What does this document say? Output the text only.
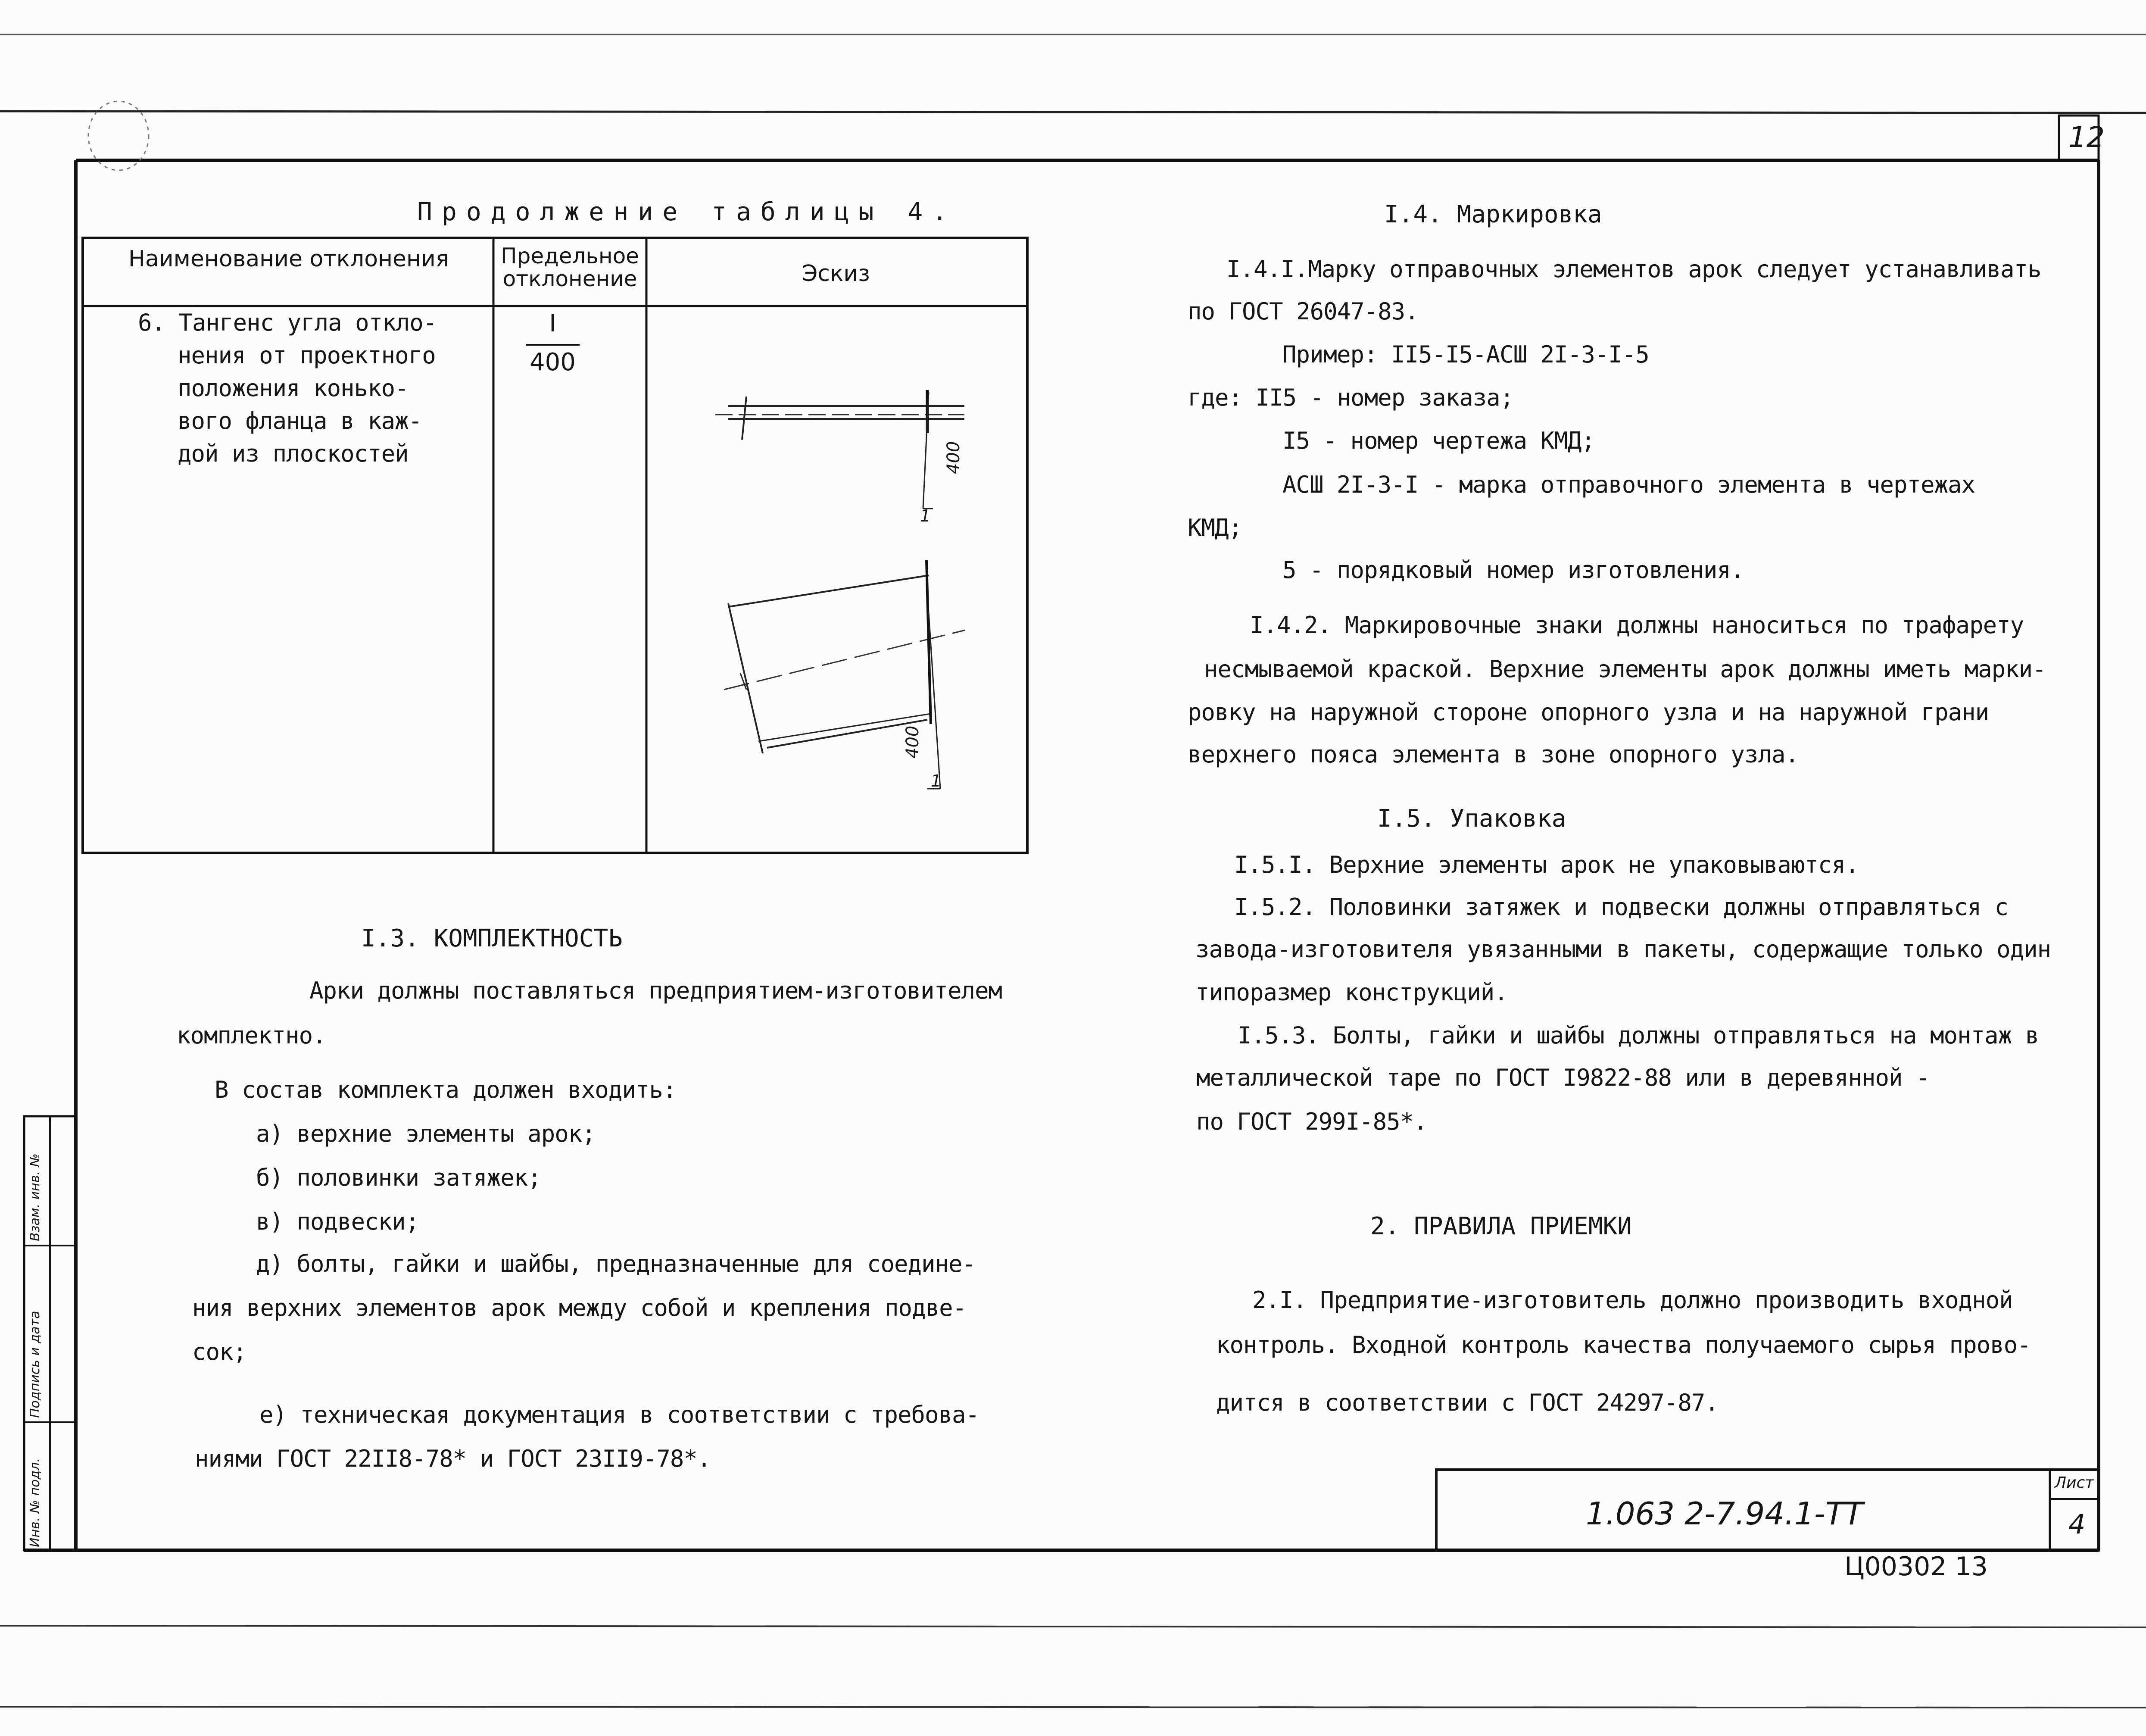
12
Продолжение таблицы 4.
Наименование отклонения	Предельное отклонение	Эскиз
6. Тангенс угла откло-
нения от проектного
положения конько-
вого фланца в каж-
дой из плоскостей
I
400
400
400
1
1
I.3. КОМПЛЕКТНОСТЬ
Арки должны поставляться предприятием-изготовителем
комплектно.
В состав комплекта должен входить:
а) верхние элементы арок;
б) половинки затяжек;
в) подвески;
д) болты, гайки и шайбы, предназначенные для соедине-
ния верхних элементов арок между собой и крепления подве-
сок;
е) техническая документация в соответствии с требова-
ниями ГОСТ 22II8-78* и ГОСТ 23II9-78*.
I.4. Маркировка
I.4.I.Марку отправочных элементов арок следует устанавливать
по ГОСТ 26047-83.
Пример: II5-I5-АСШ 2I-3-I-5
где: II5 - номер заказа;
I5 - номер чертежа КМД;
АСШ 2I-3-I - марка отправочного элемента в чертежах
КМД;
5 - порядковый номер изготовления.
I.4.2. Маркировочные знаки должны наноситься по трафарету
несмываемой краской. Верхние элементы арок должны иметь марки-
ровку на наружной стороне опорного узла и на наружной грани
верхнего пояса элемента в зоне опорного узла.
I.5. Упаковка
I.5.I. Верхние элементы арок не упаковываются.
I.5.2. Половинки затяжек и подвески должны отправляться с
завода-изготовителя увязанными в пакеты, содержащие только один
типоразмер конструкций.
I.5.3. Болты, гайки и шайбы должны отправляться на монтаж в
металлической таре по ГОСТ I9822-88 или в деревянной -
по ГОСТ 299I-85*.
2. ПРАВИЛА ПРИЕМКИ
2.I. Предприятие-изготовитель должно производить входной
контроль. Входной контроль качества получаемого сырья прово-
дится в соответствии с ГОСТ 24297-87.
1.063 2-7.94.1-ТТ
Лист
4
Ц00302 13
Инв. № подл.
Подпись и дата
Взам. инв. №
